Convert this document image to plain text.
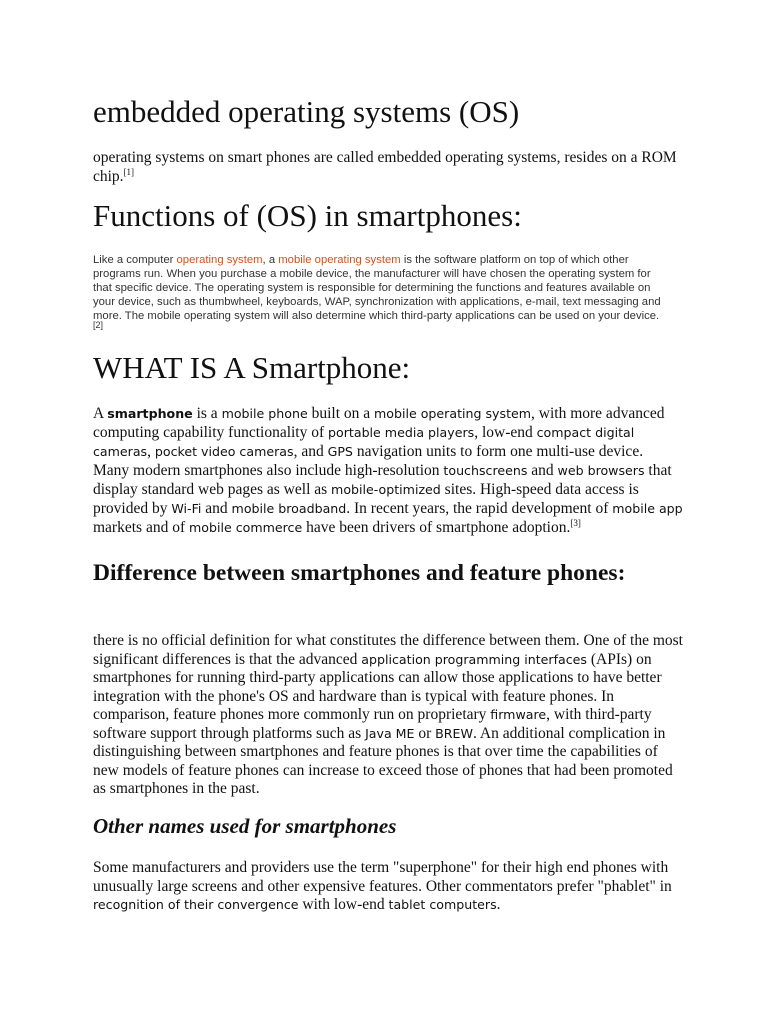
embedded operating systems (OS)

operating systems on smart phones are called embedded operating systems, resides on a ROM chip.[1]

Functions of (OS) in smartphones:

Like a computer operating system, a mobile operating system is the software platform on top of which other programs run. When you purchase a mobile device, the manufacturer will have chosen the operating system for that specific device. The operating system is responsible for determining the functions and features available on your device, such as thumbwheel, keyboards, WAP, synchronization with applications, e-mail, text messaging and more. The mobile operating system will also determine which third-party applications can be used on your device.[2]

WHAT IS A Smartphone:

A smartphone is a mobile phone built on a mobile operating system, with more advanced computing capability functionality of portable media players, low-end compact digital cameras, pocket video cameras, and GPS navigation units to form one multi-use device. Many modern smartphones also include high-resolution touchscreens and web browsers that display standard web pages as well as mobile-optimized sites. High-speed data access is provided by Wi-Fi and mobile broadband. In recent years, the rapid development of mobile app markets and of mobile commerce have been drivers of smartphone adoption.[3]

Difference between smartphones and feature phones:

there is no official definition for what constitutes the difference between them. One of the most significant differences is that the advanced application programming interfaces (APIs) on smartphones for running third-party applications can allow those applications to have better integration with the phone's OS and hardware than is typical with feature phones. In comparison, feature phones more commonly run on proprietary firmware, with third-party software support through platforms such as Java ME or BREW. An additional complication in distinguishing between smartphones and feature phones is that over time the capabilities of new models of feature phones can increase to exceed those of phones that had been promoted as smartphones in the past.

Other names used for smartphones

Some manufacturers and providers use the term "superphone" for their high end phones with unusually large screens and other expensive features. Other commentators prefer "phablet" in recognition of their convergence with low-end tablet computers.
